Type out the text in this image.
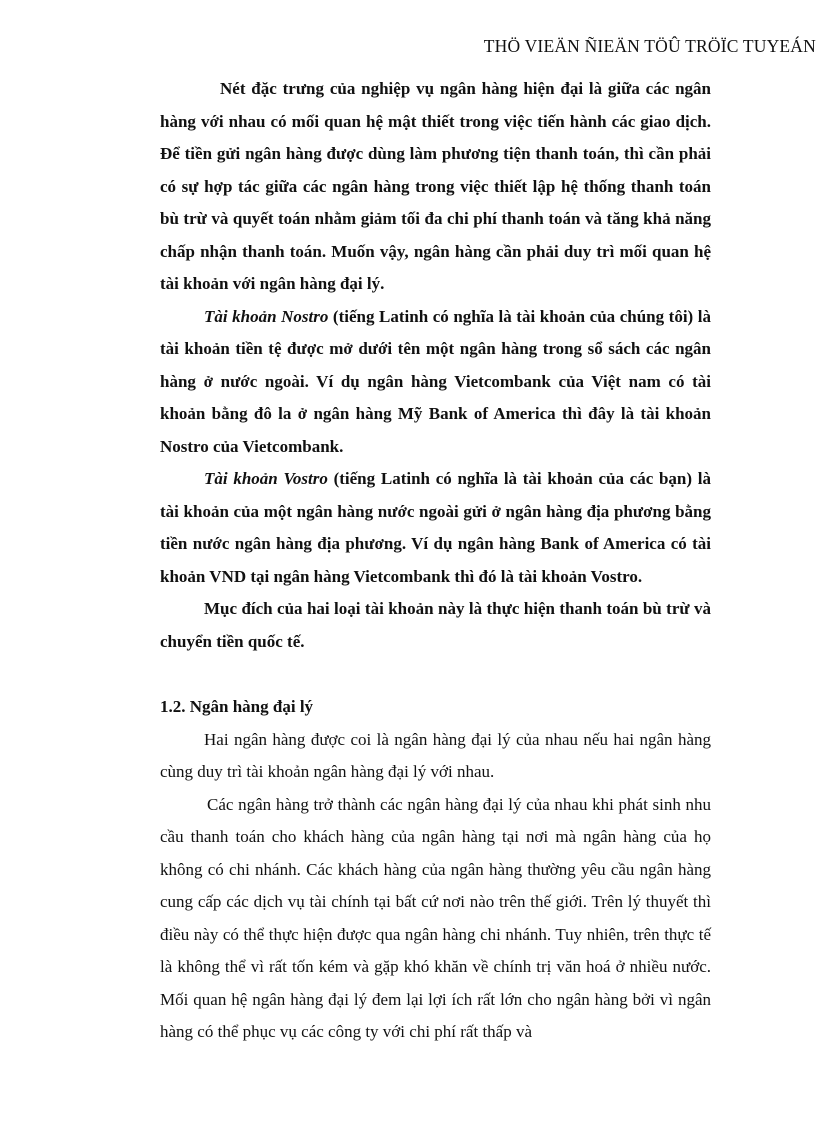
THÖ VIEÄN ÑIEÄN TÖÛ TRÖÏC TUYEÁN

Nét đặc trưng của nghiệp vụ ngân hàng hiện đại là giữa các ngân hàng với nhau có mối quan hệ mật thiết trong việc tiến hành các giao dịch. Để tiền gửi ngân hàng được dùng làm phương tiện thanh toán, thì cần phải có sự hợp tác giữa các ngân hàng trong việc thiết lập hệ thống thanh toán bù trừ và quyết toán nhằm giảm tối đa chi phí thanh toán và tăng khả năng chấp nhận thanh toán. Muốn vậy, ngân hàng cần phải duy trì mối quan hệ tài khoản với ngân hàng đại lý.

Tài khoản Nostro (tiếng Latinh có nghĩa là tài khoản của chúng tôi) là tài khoản tiền tệ được mở dưới tên một ngân hàng trong sổ sách các ngân hàng ở nước ngoài. Ví dụ ngân hàng Vietcombank của Việt nam có tài khoản bằng đô la ở ngân hàng Mỹ Bank of America thì đây là tài khoản Nostro của Vietcombank.

Tài khoản Vostro (tiếng Latinh có nghĩa là tài khoản của các bạn) là tài khoản của một ngân hàng nước ngoài gửi ở ngân hàng địa phương bằng tiền nước ngân hàng địa phương. Ví dụ ngân hàng Bank of America có tài khoản VND tại ngân hàng Vietcombank thì đó là tài khoản Vostro.

Mục đích của hai loại tài khoản này là thực hiện thanh toán bù trừ và chuyển tiền quốc tế.

1.2. Ngân hàng đại lý

Hai ngân hàng được coi là ngân hàng đại lý của nhau nếu hai ngân hàng cùng duy trì tài khoản ngân hàng đại lý với nhau.

Các ngân hàng trở thành các ngân hàng đại lý của nhau khi phát sinh nhu cầu thanh toán cho khách hàng của ngân hàng tại nơi mà ngân hàng của họ không có chi nhánh. Các khách hàng của ngân hàng thường yêu cầu ngân hàng cung cấp các dịch vụ tài chính tại bất cứ nơi nào trên thế giới. Trên lý thuyết thì điều này có thể thực hiện được qua ngân hàng chi nhánh. Tuy nhiên, trên thực tế là không thể vì rất tốn kém và gặp khó khăn về chính trị văn hoá ở nhiều nước. Mối quan hệ ngân hàng đại lý đem lại lợi ích rất lớn cho ngân hàng bởi vì ngân hàng có thể phục vụ các công ty với chi phí rất thấp và
